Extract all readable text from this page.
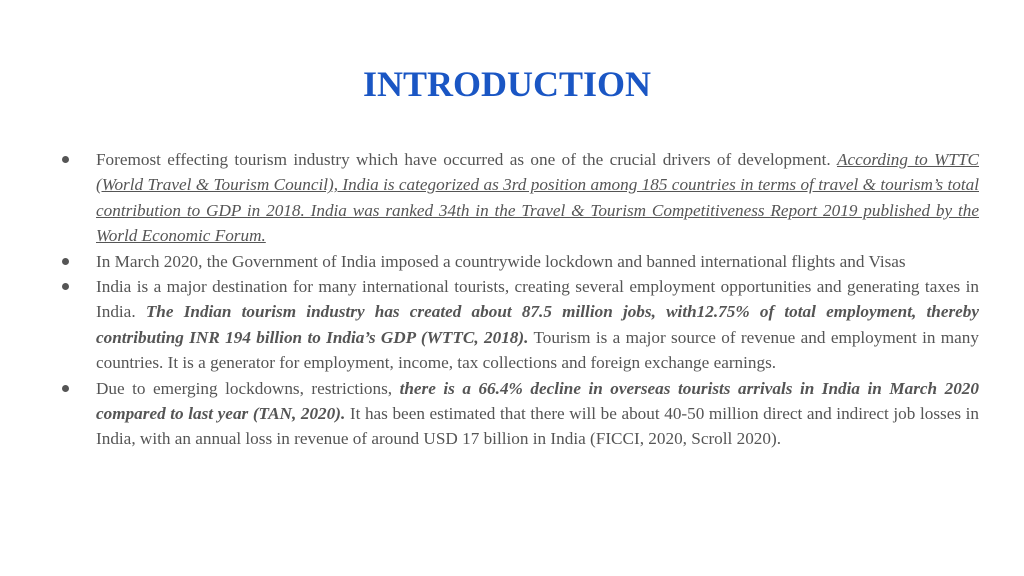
INTRODUCTION
Foremost effecting tourism industry which have occurred as one of the crucial drivers of development. According to WTTC (World Travel & Tourism Council), India is categorized as 3rd position among 185 countries in terms of travel & tourism’s total contribution to GDP in 2018. India was ranked 34th in the Travel & Tourism Competitiveness Report 2019 published by the World Economic Forum.
In March 2020, the Government of India imposed a countrywide lockdown and banned international flights and Visas
India is a major destination for many international tourists, creating several employment opportunities and generating taxes in India. The Indian tourism industry has created about 87.5 million jobs, with12.75% of total employment, thereby contributing INR 194 billion to India’s GDP (WTTC, 2018). Tourism is a major source of revenue and employment in many countries. It is a generator for employment, income, tax collections and foreign exchange earnings.
Due to emerging lockdowns, restrictions, there is a 66.4% decline in overseas tourists arrivals in India in March 2020 compared to last year (TAN, 2020). It has been estimated that there will be about 40-50 million direct and indirect job losses in India, with an annual loss in revenue of around USD 17 billion in India (FICCI, 2020, Scroll 2020).
